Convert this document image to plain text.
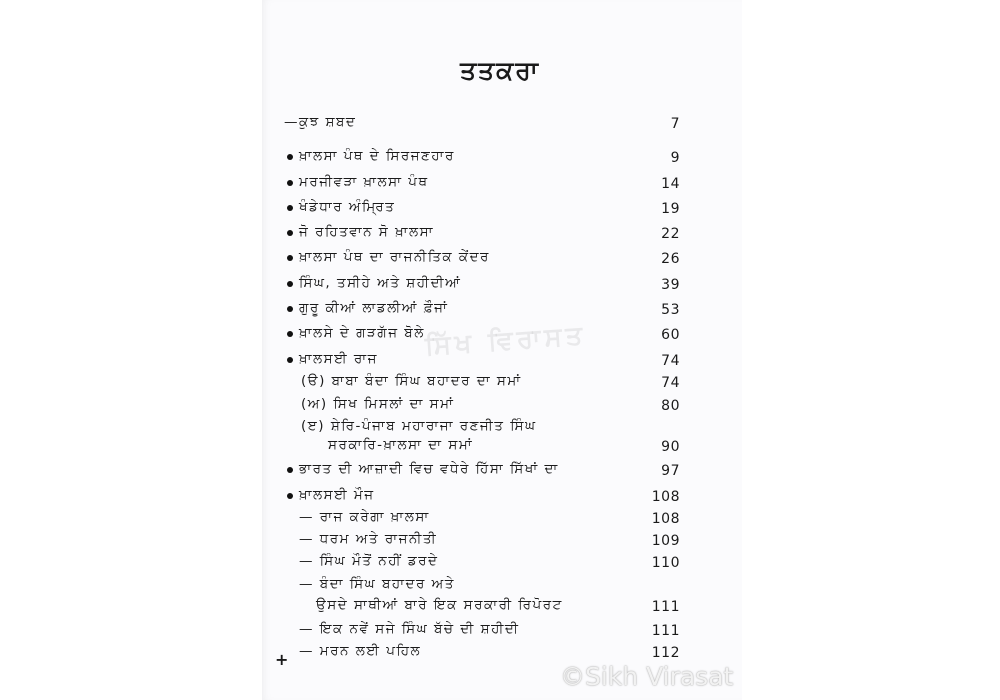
ਤਤਕਰਾ
ਸਿੱਖ ਵਿਰਾਸਤ
—ਕੁਝ ਸ਼ਬਦ	7
ਖ਼ਾਲਸਾ ਪੰਥ ਦੇ ਸਿਰਜਣਹਾਰ	9
ਮਰਜੀਵੜਾ ਖ਼ਾਲਸਾ ਪੰਥ	14
ਖੰਡੇਧਾਰ ਅੰਮ੍ਰਿਤ	19
ਜੋ ਰਹਿਤਵਾਨ ਸੋ ਖ਼ਾਲਸਾ	22
ਖ਼ਾਲਸਾ ਪੰਥ ਦਾ ਰਾਜਨੀਤਿਕ ਕੇਂਦਰ	26
ਸਿੰਘ, ਤਸੀਹੇ ਅਤੇ ਸ਼ਹੀਦੀਆਂ	39
ਗੁਰੂ ਕੀਆਂ ਲਾਡਲੀਆਂ ਫ਼ੌਜਾਂ	53
ਖ਼ਾਲਸੇ ਦੇ ਗੜਗੱਜ ਬੋਲੇ	60
ਖ਼ਾਲਸਈ ਰਾਜ	74
(ੳ) ਬਾਬਾ ਬੰਦਾ ਸਿੰਘ ਬਹਾਦਰ ਦਾ ਸਮਾਂ	74
(ਅ) ਸਿਖ ਮਿਸਲਾਂ ਦਾ ਸਮਾਂ	80
(ੲ) ਸ਼ੇਰਿ-ਪੰਜਾਬ ਮਹਾਰਾਜਾ ਰਣਜੀਤ ਸਿੰਘ
ਸਰਕਾਰਿ-ਖ਼ਾਲਸਾ ਦਾ ਸਮਾਂ	90
ਭਾਰਤ ਦੀ ਆਜ਼ਾਦੀ ਵਿਚ ਵਧੇਰੇ ਹਿੱਸਾ ਸਿੱਖਾਂ ਦਾ	97
ਖ਼ਾਲਸਈ ਮੌਜ	108
— ਰਾਜ ਕਰੇਗਾ ਖ਼ਾਲਸਾ	108
— ਧਰਮ ਅਤੇ ਰਾਜਨੀਤੀ	109
— ਸਿੰਘ ਮੌਤੋਂ ਨਹੀਂ ਡਰਦੇ	110
— ਬੰਦਾ ਸਿੰਘ ਬਹਾਦਰ ਅਤੇ
ਉਸਦੇ ਸਾਥੀਆਂ ਬਾਰੇ ਇਕ ਸਰਕਾਰੀ ਰਿਪੋਰਟ	111
— ਇਕ ਨਵੇਂ ਸਜੇ ਸਿੰਘ ਬੱਚੇ ਦੀ ਸ਼ਹੀਦੀ	111
— ਮਰਨ ਲਈ ਪਹਿਲ	112
+
©Sikh Virasat
